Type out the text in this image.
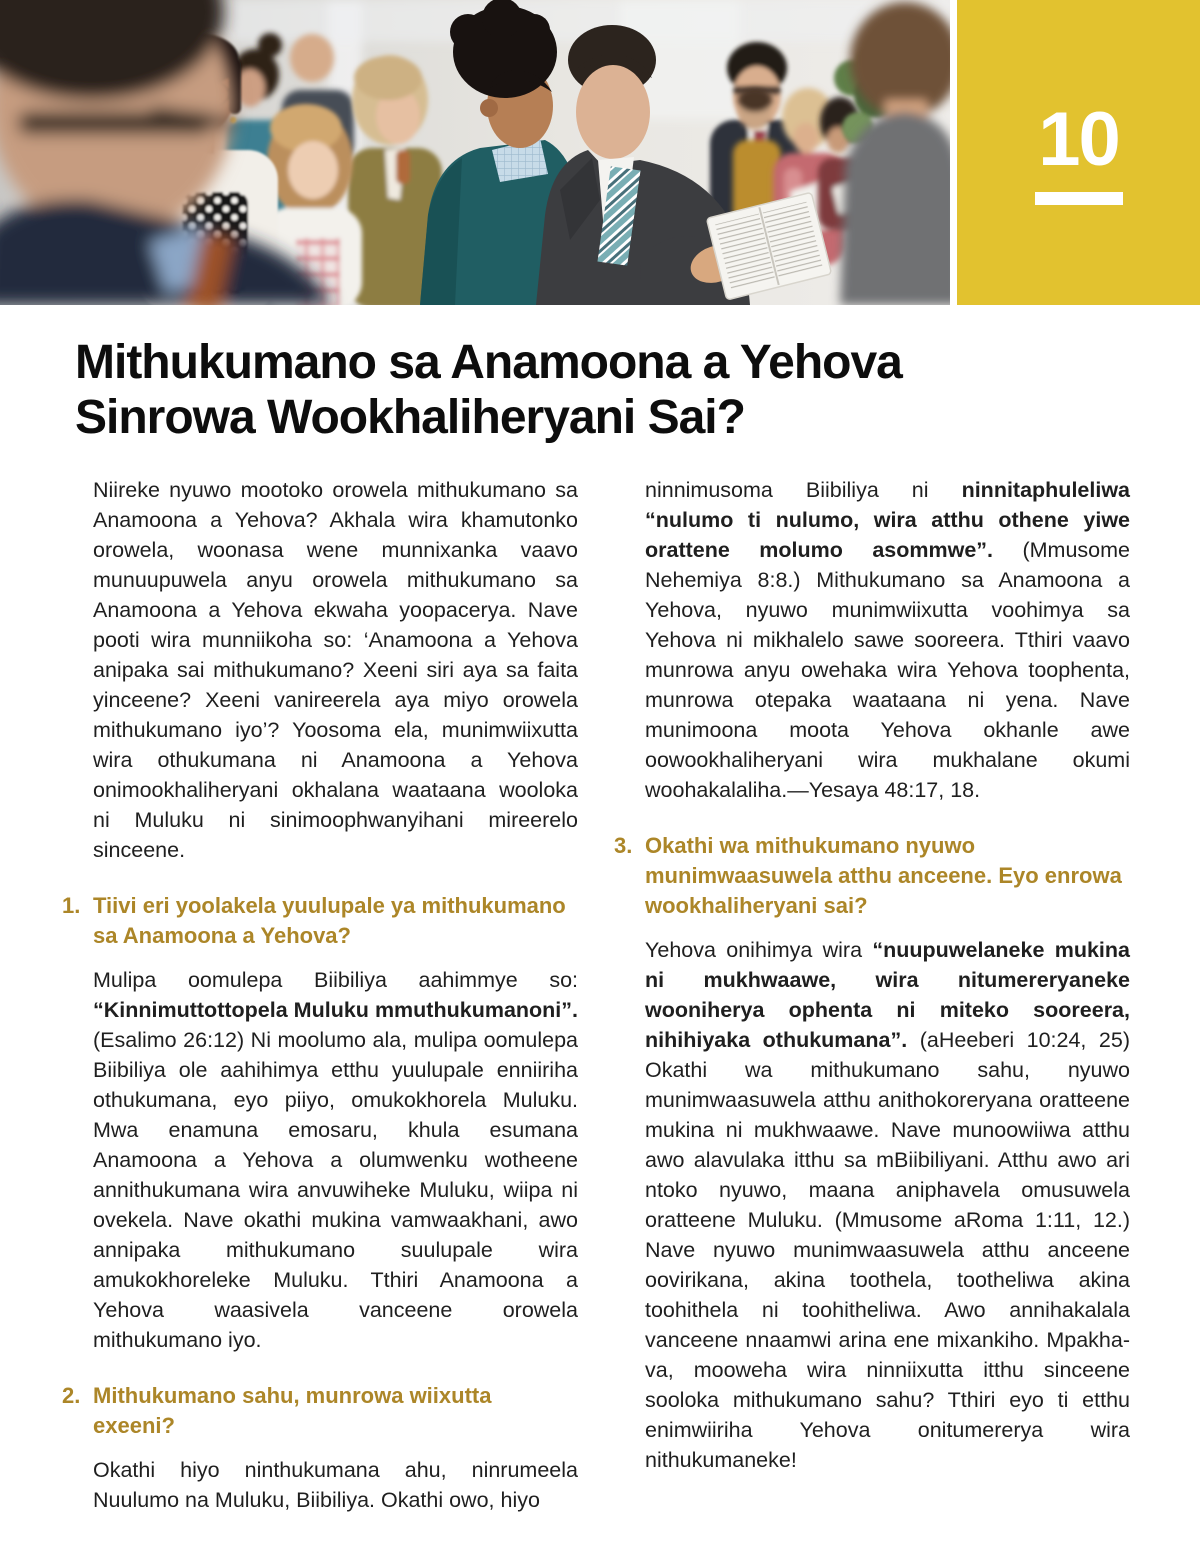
10
Mithukumano sa Anamoona a Yehova
Sinrowa Wookhaliheryani Sai?

Niireke nyuwo mootoko orowela mithukumano sa Anamoona a Yehova? Akhala wira khamutonko orowela, woonasa wene munnixanka vaavo munuupuwela anyu orowela mithukumano sa Anamoona a Yehova ekwaha yoopacerya. Nave pooti wira munniikoha so: ‘Anamoona a Yehova anipaka sai mithukumano? Xeeni siri aya sa faita yinceene? Xeeni vanireerela aya miyo orowela mithukumano iyo’? Yoosoma ela, munimwiixutta wira othukumana ni Anamoona a Yehova onimookhaliheryani okhalana waataana wooloka ni Muluku ni sinimoophwanyihani mireerelo sinceene.

1. Tiivi eri yoolakela yuulupale ya mithukumano sa Anamoona a Yehova?

Mulipa oomulepa Biibiliya aahimmye so: “Kinnimuttottopela Muluku mmuthukumanoni”. (Esalimo 26:12) Ni moolumo ala, mulipa oomulepa Biibiliya ole aahihimya etthu yuulupale enniiriha othukumana, eyo piiyo, omukokhorela Muluku. Mwa enamuna emosaru, khula esumana Anamoona a Yehova a olumwenku wotheene annithukumana wira anvuwiheke Muluku, wiipa ni ovekela. Nave okathi mukina vamwaakhani, awo annipaka mithukumano suulupale wira amukokhoreleke Muluku. Tthiri Anamoona a Yehova waasivela vanceene orowela mithukumano iyo.

2. Mithukumano sahu, munrowa wiixutta exeeni?

Okathi hiyo ninthukumana ahu, ninrumeela Nuulumo na Muluku, Biibiliya. Okathi owo, hiyo

ninnimusoma Biibiliya ni ninnitaphuleliwa “nulumo ti nulumo, wira atthu othene yiwe orattene molumo asommwe”. (Mmusome Nehemiya 8:8.) Mithukumano sa Anamoona a Yehova, nyuwo munimwiixutta voohimya sa Yehova ni mikhalelo sawe sooreera. Tthiri vaavo munrowa anyu owehaka wira Yehova toophenta, munrowa otepaka waataana ni yena. Nave munimoona moota Yehova okhanle awe oowookhaliheryani wira mukhalane okumi woohakalaliha.—Yesaya 48:17, 18.

3. Okathi wa mithukumano nyuwo munimwaasuwela atthu anceene. Eyo enrowa wookhaliheryani sai?

Yehova onihimya wira “nuupuwelaneke mukina ni mukhwaawe, wira nitumereryaneke wooniherya ophenta ni miteko sooreera, nihihiyaka othukumana”. (aHeeberi 10:24, 25) Okathi wa mithukumano sahu, nyuwo munimwaasuwela atthu anithokoreryana oratteene mukina ni mukhwaawe. Nave munoowiiwa atthu awo alavulaka itthu sa mBiibiliyani. Atthu awo ari ntoko nyuwo, maana aniphavela omusuwela oratteene Muluku. (Mmusome aRoma 1:11, 12.) Nave nyuwo munimwaasuwela atthu anceene oovirikana, akina toothela, tootheliwa akina toohithela ni toohitheliwa. Awo annihakalala vanceene nnaamwi arina ene mixankiho. Mpakha-va, mooweha wira ninniixutta itthu sinceene sooloka mithukumano sahu? Tthiri eyo ti etthu enimwiiriha Yehova onitumererya wira nithukumaneke!
